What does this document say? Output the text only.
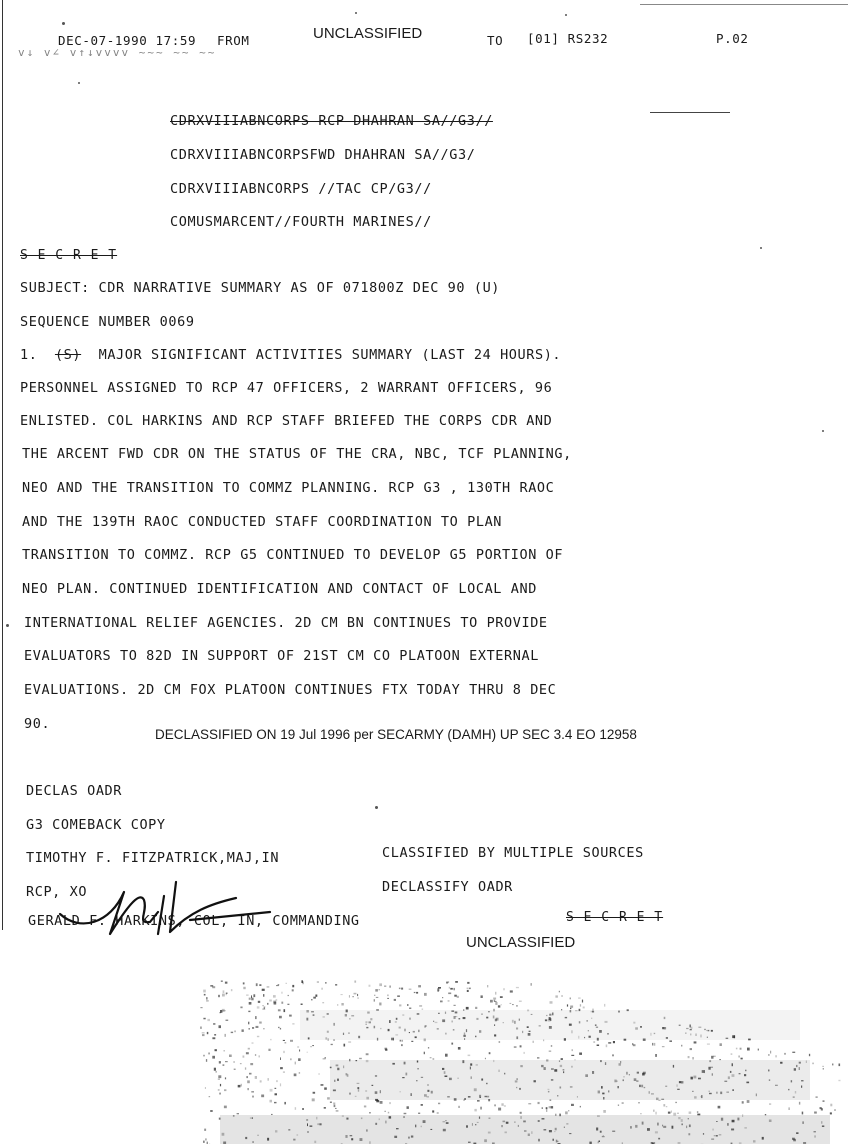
DEC-07-1990 17:59 FROM	UNCLASSIFIED	TO [01] RS232	P.02
v↓ v∠ v↑↓vvvv ~~~ ~~ ~~
CDRXVIIIABNCORPS RCP DHAHRAN SA//G3//
CDRXVIIIABNCORPSFWD DHAHRAN SA//G3/
CDRXVIIIABNCORPS //TAC CP/G3//
COMUSMARCENT//FOURTH MARINES//
S E C R E T
SUBJECT: CDR NARRATIVE SUMMARY AS OF 071800Z DEC 90 (U)
SEQUENCE NUMBER 0069
1. (S) MAJOR SIGNIFICANT ACTIVITIES SUMMARY (LAST 24 HOURS).
PERSONNEL ASSIGNED TO RCP 47 OFFICERS, 2 WARRANT OFFICERS, 96
ENLISTED. COL HARKINS AND RCP STAFF BRIEFED THE CORPS CDR AND
THE ARCENT FWD CDR ON THE STATUS OF THE CRA, NBC, TCF PLANNING,
NEO AND THE TRANSITION TO COMMZ PLANNING. RCP G3 , 130TH RAOC
AND THE 139TH RAOC CONDUCTED STAFF COORDINATION TO PLAN
TRANSITION TO COMMZ. RCP G5 CONTINUED TO DEVELOP G5 PORTION OF
NEO PLAN. CONTINUED IDENTIFICATION AND CONTACT OF LOCAL AND
INTERNATIONAL RELIEF AGENCIES. 2D CM BN CONTINUES TO PROVIDE
EVALUATORS TO 82D IN SUPPORT OF 21ST CM CO PLATOON EXTERNAL
EVALUATIONS. 2D CM FOX PLATOON CONTINUES FTX TODAY THRU 8 DEC
90.
DECLASSIFIED ON 19 Jul 1996 per SECARMY (DAMH) UP SEC 3.4 EO 12958
DECLAS OADR
G3 COMEBACK COPY
TIMOTHY F. FITZPATRICK,MAJ,IN	CLASSIFIED BY MULTIPLE SOURCES
RCP, XO	DECLASSIFY OADR
GERALD F. HARKINS, COL, IN, COMMANDING	S E C R E T
UNCLASSIFIED
